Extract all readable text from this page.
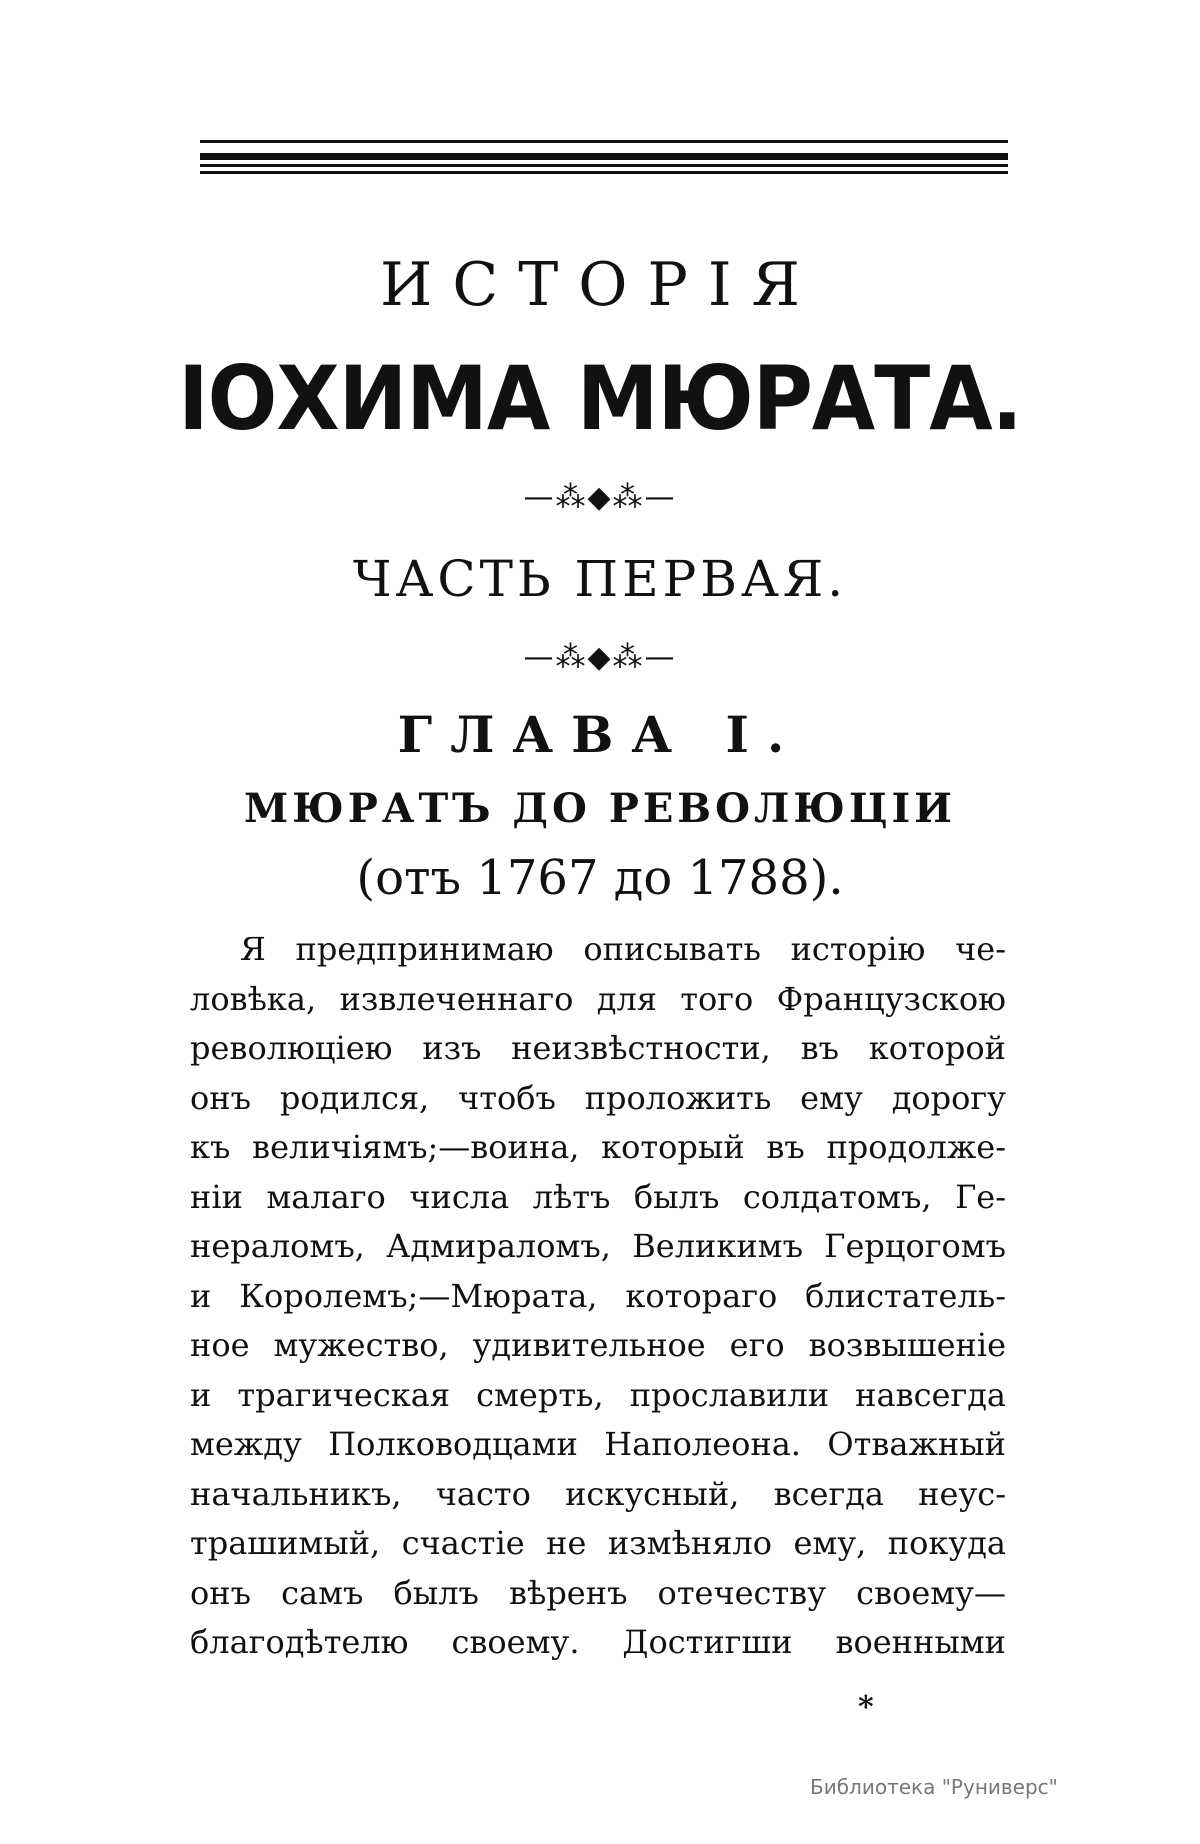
ИСТОРІЯ
ІОХИМА МЮРАТА.
—⁂◆⁂—
ЧАСТЬ ПЕРВАЯ.
—⁂◆⁂—
ГЛАВА І.
МЮРАТЪ ДО РЕВОЛЮЦІИ
(отъ 1767 до 1788).
Я предпринимаю описывать исторію че-
ловѣка, извлеченнаго для того Французскою
революціею изъ неизвѣстности, въ которой
онъ родился, чтобъ проложить ему дорогу
къ величіямъ;—воина, который въ продолже-
ніи малаго числа лѣтъ былъ солдатомъ, Ге-
нераломъ, Адмираломъ, Великимъ Герцогомъ
и Королемъ;—Мюрата, котораго блистатель-
ное мужество, удивительное его возвышеніе
и трагическая смерть, прославили навсегда
между Полководцами Наполеона. Отважный
начальникъ, часто искусный, всегда неус-
трашимый, счастіе не измѣняло ему, покуда
онъ самъ былъ вѣренъ отечеству своему—
благодѣтелю своему. Достигши военными
*
Библиотека "Руниверс"
